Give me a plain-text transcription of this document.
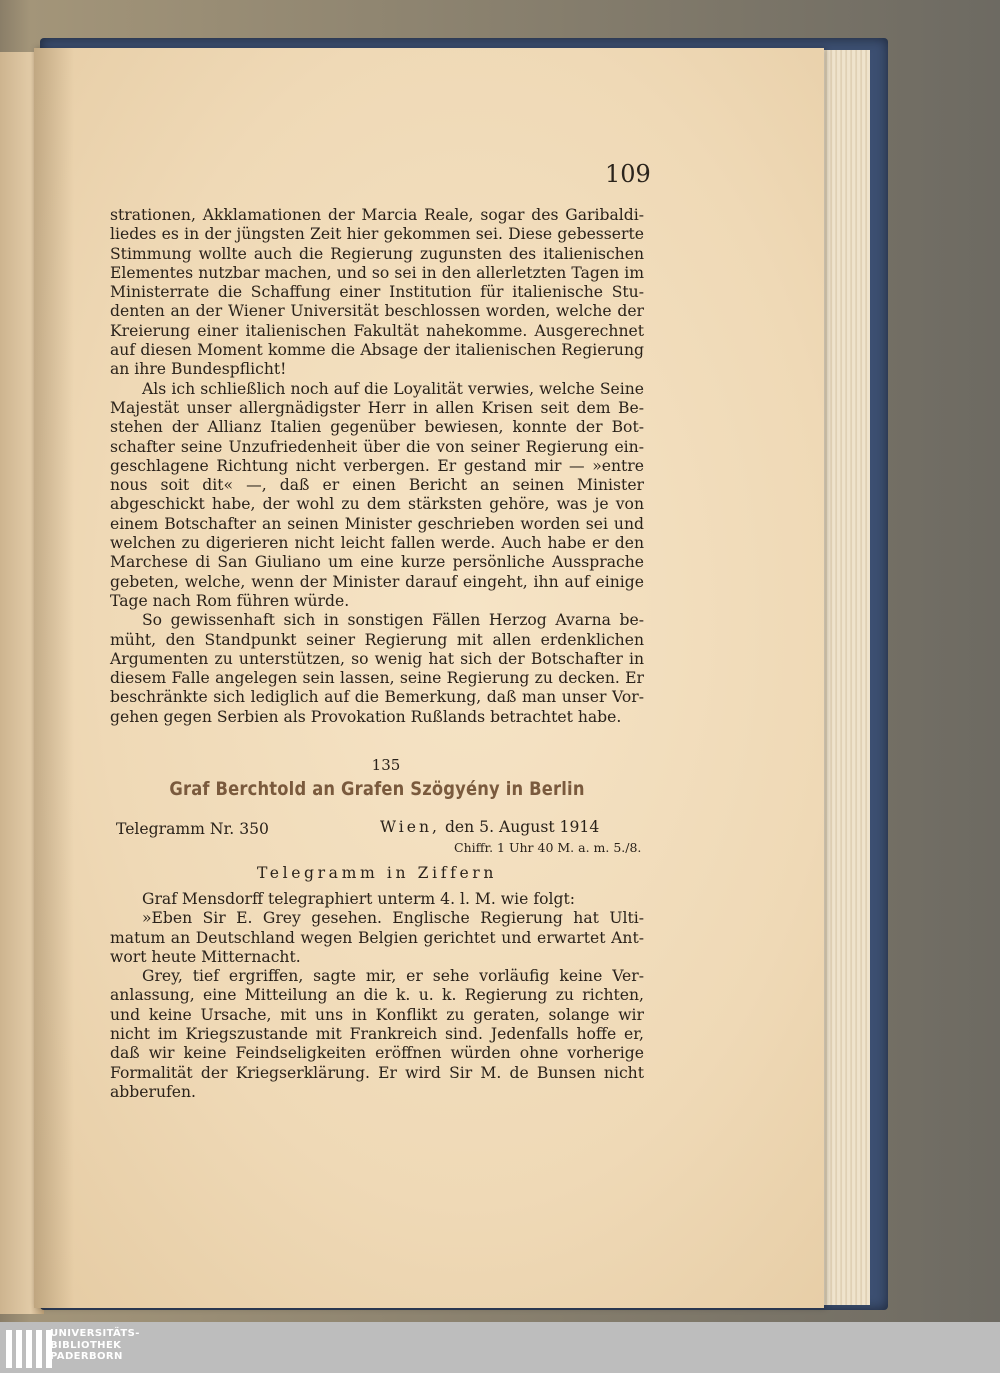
109

strationen, Akklamationen der Marcia Reale, sogar des Garibaldiliedes es in der jüngsten Zeit hier gekommen sei. Diese gebesserte Stimmung wollte auch die Regierung zugunsten des italienischen Elementes nutzbar machen, und so sei in den allerletzten Tagen im Ministerrate die Schaffung einer Institution für italienische Studenten an der Wiener Universität beschlossen worden, welche der Kreierung einer italienischen Fakultät nahekomme. Ausgerechnet auf diesen Moment komme die Absage der italienischen Regierung an ihre Bundespflicht!

Als ich schließlich noch auf die Loyalität verwies, welche Seine Majestät unser allergnädigster Herr in allen Krisen seit dem Bestehen der Allianz Italien gegenüber bewiesen, konnte der Botschafter seine Unzufriedenheit über die von seiner Regierung eingeschlagene Richtung nicht verbergen. Er gestand mir — »entre nous soit dit« —, daß er einen Bericht an seinen Minister abgeschickt habe, der wohl zu dem stärksten gehöre, was je von einem Botschafter an seinen Minister geschrieben worden sei und welchen zu digerieren nicht leicht fallen werde. Auch habe er den Marchese di San Giuliano um eine kurze persönliche Aussprache gebeten, welche, wenn der Minister darauf eingeht, ihn auf einige Tage nach Rom führen würde.

So gewissenhaft sich in sonstigen Fällen Herzog Avarna bemüht, den Standpunkt seiner Regierung mit allen erdenklichen Argumenten zu unterstützen, so wenig hat sich der Botschafter in diesem Falle angelegen sein lassen, seine Regierung zu decken. Er beschränkte sich lediglich auf die Bemerkung, daß man unser Vorgehen gegen Serbien als Provokation Rußlands betrachtet habe.

135
Graf Berchtold an Grafen Szögyény in Berlin
Telegramm Nr. 350	Wien, den 5. August 1914
Chiffr. 1 Uhr 40 M. a. m. 5./8.
Telegramm in Ziffern

Graf Mensdorff telegraphiert unterm 4. l. M. wie folgt:

»Eben Sir E. Grey gesehen. Englische Regierung hat Ultimatum an Deutschland wegen Belgien gerichtet und erwartet Antwort heute Mitternacht.

Grey, tief ergriffen, sagte mir, er sehe vorläufig keine Veranlassung, eine Mitteilung an die k. u. k. Regierung zu richten, und keine Ursache, mit uns in Konflikt zu geraten, solange wir nicht im Kriegszustande mit Frankreich sind. Jedenfalls hoffe er, daß wir keine Feindseligkeiten eröffnen würden ohne vorherige Formalität der Kriegserklärung. Er wird Sir M. de Bunsen nicht abberufen.

UNIVERSITÄTS-
BIBLIOTHEK
PADERBORN
